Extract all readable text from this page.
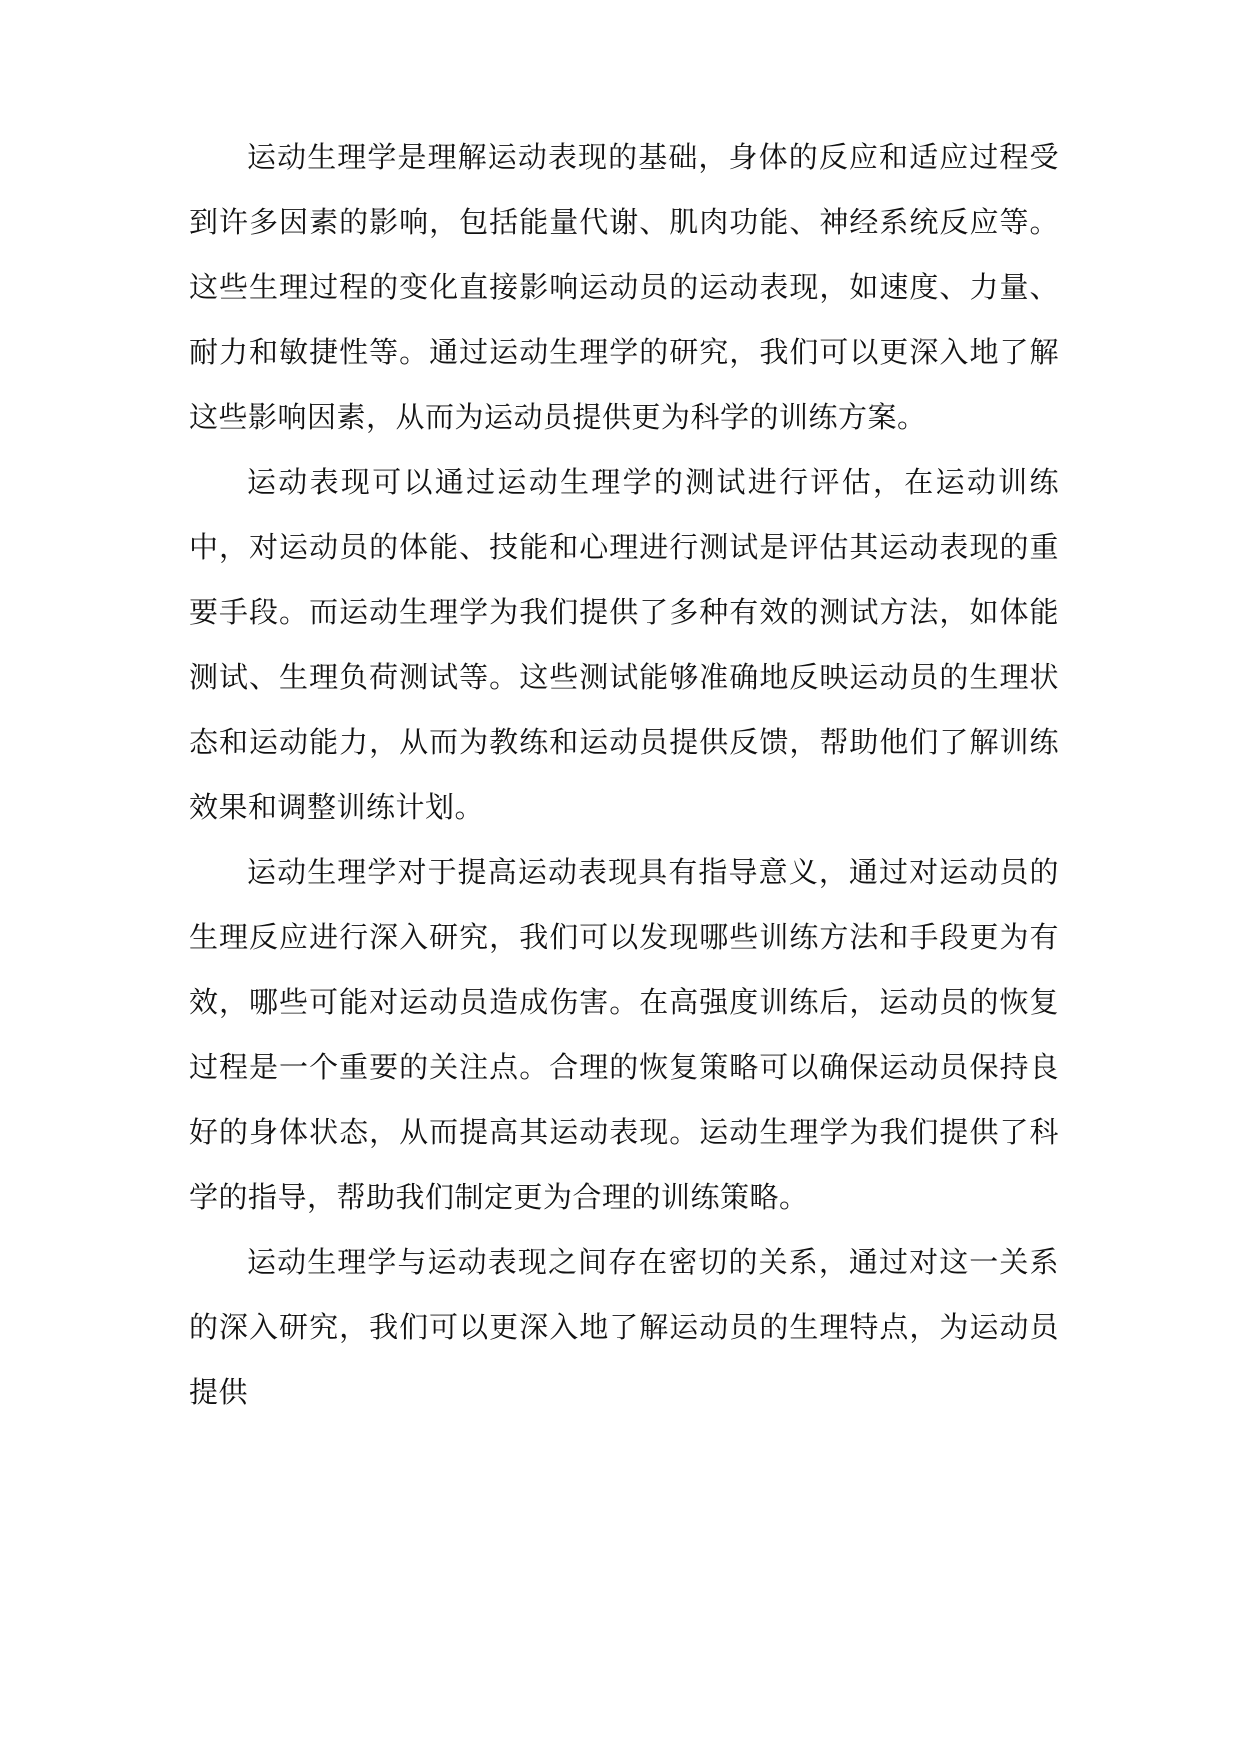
运动生理学是理解运动表现的基础，身体的反应和适应过程受到许多因素的影响，包括能量代谢、肌肉功能、神经系统反应等。这些生理过程的变化直接影响运动员的运动表现，如速度、力量、耐力和敏捷性等。通过运动生理学的研究，我们可以更深入地了解这些影响因素，从而为运动员提供更为科学的训练方案。

运动表现可以通过运动生理学的测试进行评估，在运动训练中，对运动员的体能、技能和心理进行测试是评估其运动表现的重要手段。而运动生理学为我们提供了多种有效的测试方法，如体能测试、生理负荷测试等。这些测试能够准确地反映运动员的生理状态和运动能力，从而为教练和运动员提供反馈，帮助他们了解训练效果和调整训练计划。

运动生理学对于提高运动表现具有指导意义，通过对运动员的生理反应进行深入研究，我们可以发现哪些训练方法和手段更为有效，哪些可能对运动员造成伤害。在高强度训练后，运动员的恢复过程是一个重要的关注点。合理的恢复策略可以确保运动员保持良好的身体状态，从而提高其运动表现。运动生理学为我们提供了科学的指导，帮助我们制定更为合理的训练策略。

运动生理学与运动表现之间存在密切的关系，通过对这一关系的深入研究，我们可以更深入地了解运动员的生理特点，为运动员提供
